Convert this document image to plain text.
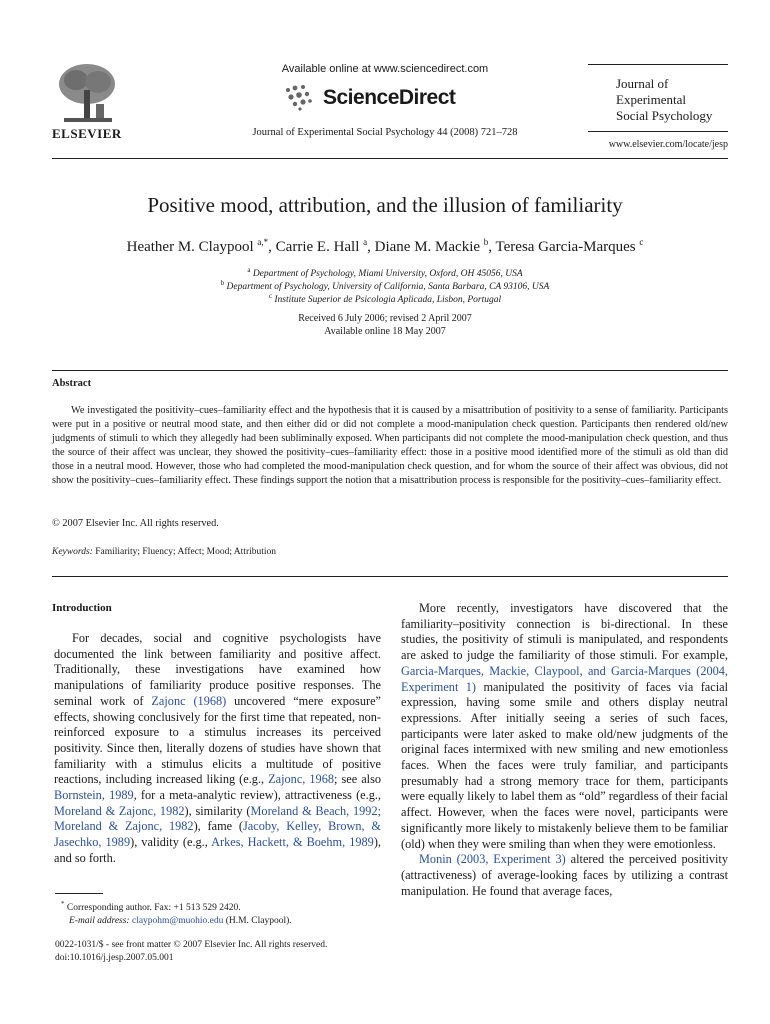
ELSEVIER
Available online at www.sciencedirect.com
ScienceDirect
Journal of Experimental Social Psychology 44 (2008) 721–728
Journal of
Experimental
Social Psychology
www.elsevier.com/locate/jesp
Positive mood, attribution, and the illusion of familiarity
Heather M. Claypool $^{a,*}$, Carrie E. Hall $^a$, Diane M. Mackie $^b$, Teresa Garcia-Marques $^c$
$^a$ Department of Psychology, Miami University, Oxford, OH 45056, USA
$^b$ Department of Psychology, University of California, Santa Barbara, CA 93106, USA
$^c$ Institute Superior de Psicologia Aplicada, Lisbon, Portugal
Received 6 July 2006; revised 2 April 2007
Available online 18 May 2007
Abstract

We investigated the positivity–cues–familiarity effect and the hypothesis that it is caused by a misattribution of positivity to a sense of familiarity. Participants were put in a positive or neutral mood state, and then either did or did not complete a mood-manipulation check question. Participants then rendered old/new judgments of stimuli to which they allegedly had been subliminally exposed. When participants did not complete the mood-manipulation check question, and thus the source of their affect was unclear, they showed the positivity–cues–familiarity effect: those in a positive mood identified more of the stimuli as old than did those in a neutral mood. However, those who had completed the mood-manipulation check question, and for whom the source of their affect was obvious, did not show the positivity–cues–familiarity effect. These findings support the notion that a misattribution process is responsible for the positivity–cues–familiarity effect.

© 2007 Elsevier Inc. All rights reserved.
Keywords: Familiarity; Fluency; Affect; Mood; Attribution
Introduction

For decades, social and cognitive psychologists have documented the link between familiarity and positive affect. Traditionally, these investigations have examined how manipulations of familiarity produce positive responses. The seminal work of Zajonc (1968) uncovered “mere exposure” effects, showing conclusively for the first time that repeated, non-reinforced exposure to a stimulus increases its perceived positivity. Since then, literally dozens of studies have shown that familiarity with a stimulus elicits a multitude of positive reactions, including increased liking (e.g., Zajonc, 1968; see also Bornstein, 1989, for a meta-analytic review), attractiveness (e.g., Moreland & Zajonc, 1982), similarity (Moreland & Beach, 1992; Moreland & Zajonc, 1982), fame (Jacoby, Kelley, Brown, & Jasechko, 1989), validity (e.g., Arkes, Hackett, & Boehm, 1989), and so forth.

More recently, investigators have discovered that the familiarity–positivity connection is bi-directional. In these studies, the positivity of stimuli is manipulated, and respondents are asked to judge the familiarity of those stimuli. For example, Garcia-Marques, Mackie, Claypool, and Garcia-Marques (2004, Experiment 1) manipulated the positivity of faces via facial expression, having some smile and others display neutral expressions. After initially seeing a series of such faces, participants were later asked to make old/new judgments of the original faces intermixed with new smiling and new emotionless faces. When the faces were truly familiar, and participants presumably had a strong memory trace for them, participants were equally likely to label them as “old” regardless of their facial affect. However, when the faces were novel, participants were significantly more likely to mistakenly believe them to be familiar (old) when they were smiling than when they were emotionless.

Monin (2003, Experiment 3) altered the perceived positivity (attractiveness) of average-looking faces by utilizing a contrast manipulation. He found that average faces,

* Corresponding author. Fax: +1 513 529 2420.
E-mail address: claypohm@muohio.edu (H.M. Claypool).
0022-1031/$ - see front matter © 2007 Elsevier Inc. All rights reserved.
doi:10.1016/j.jesp.2007.05.001
